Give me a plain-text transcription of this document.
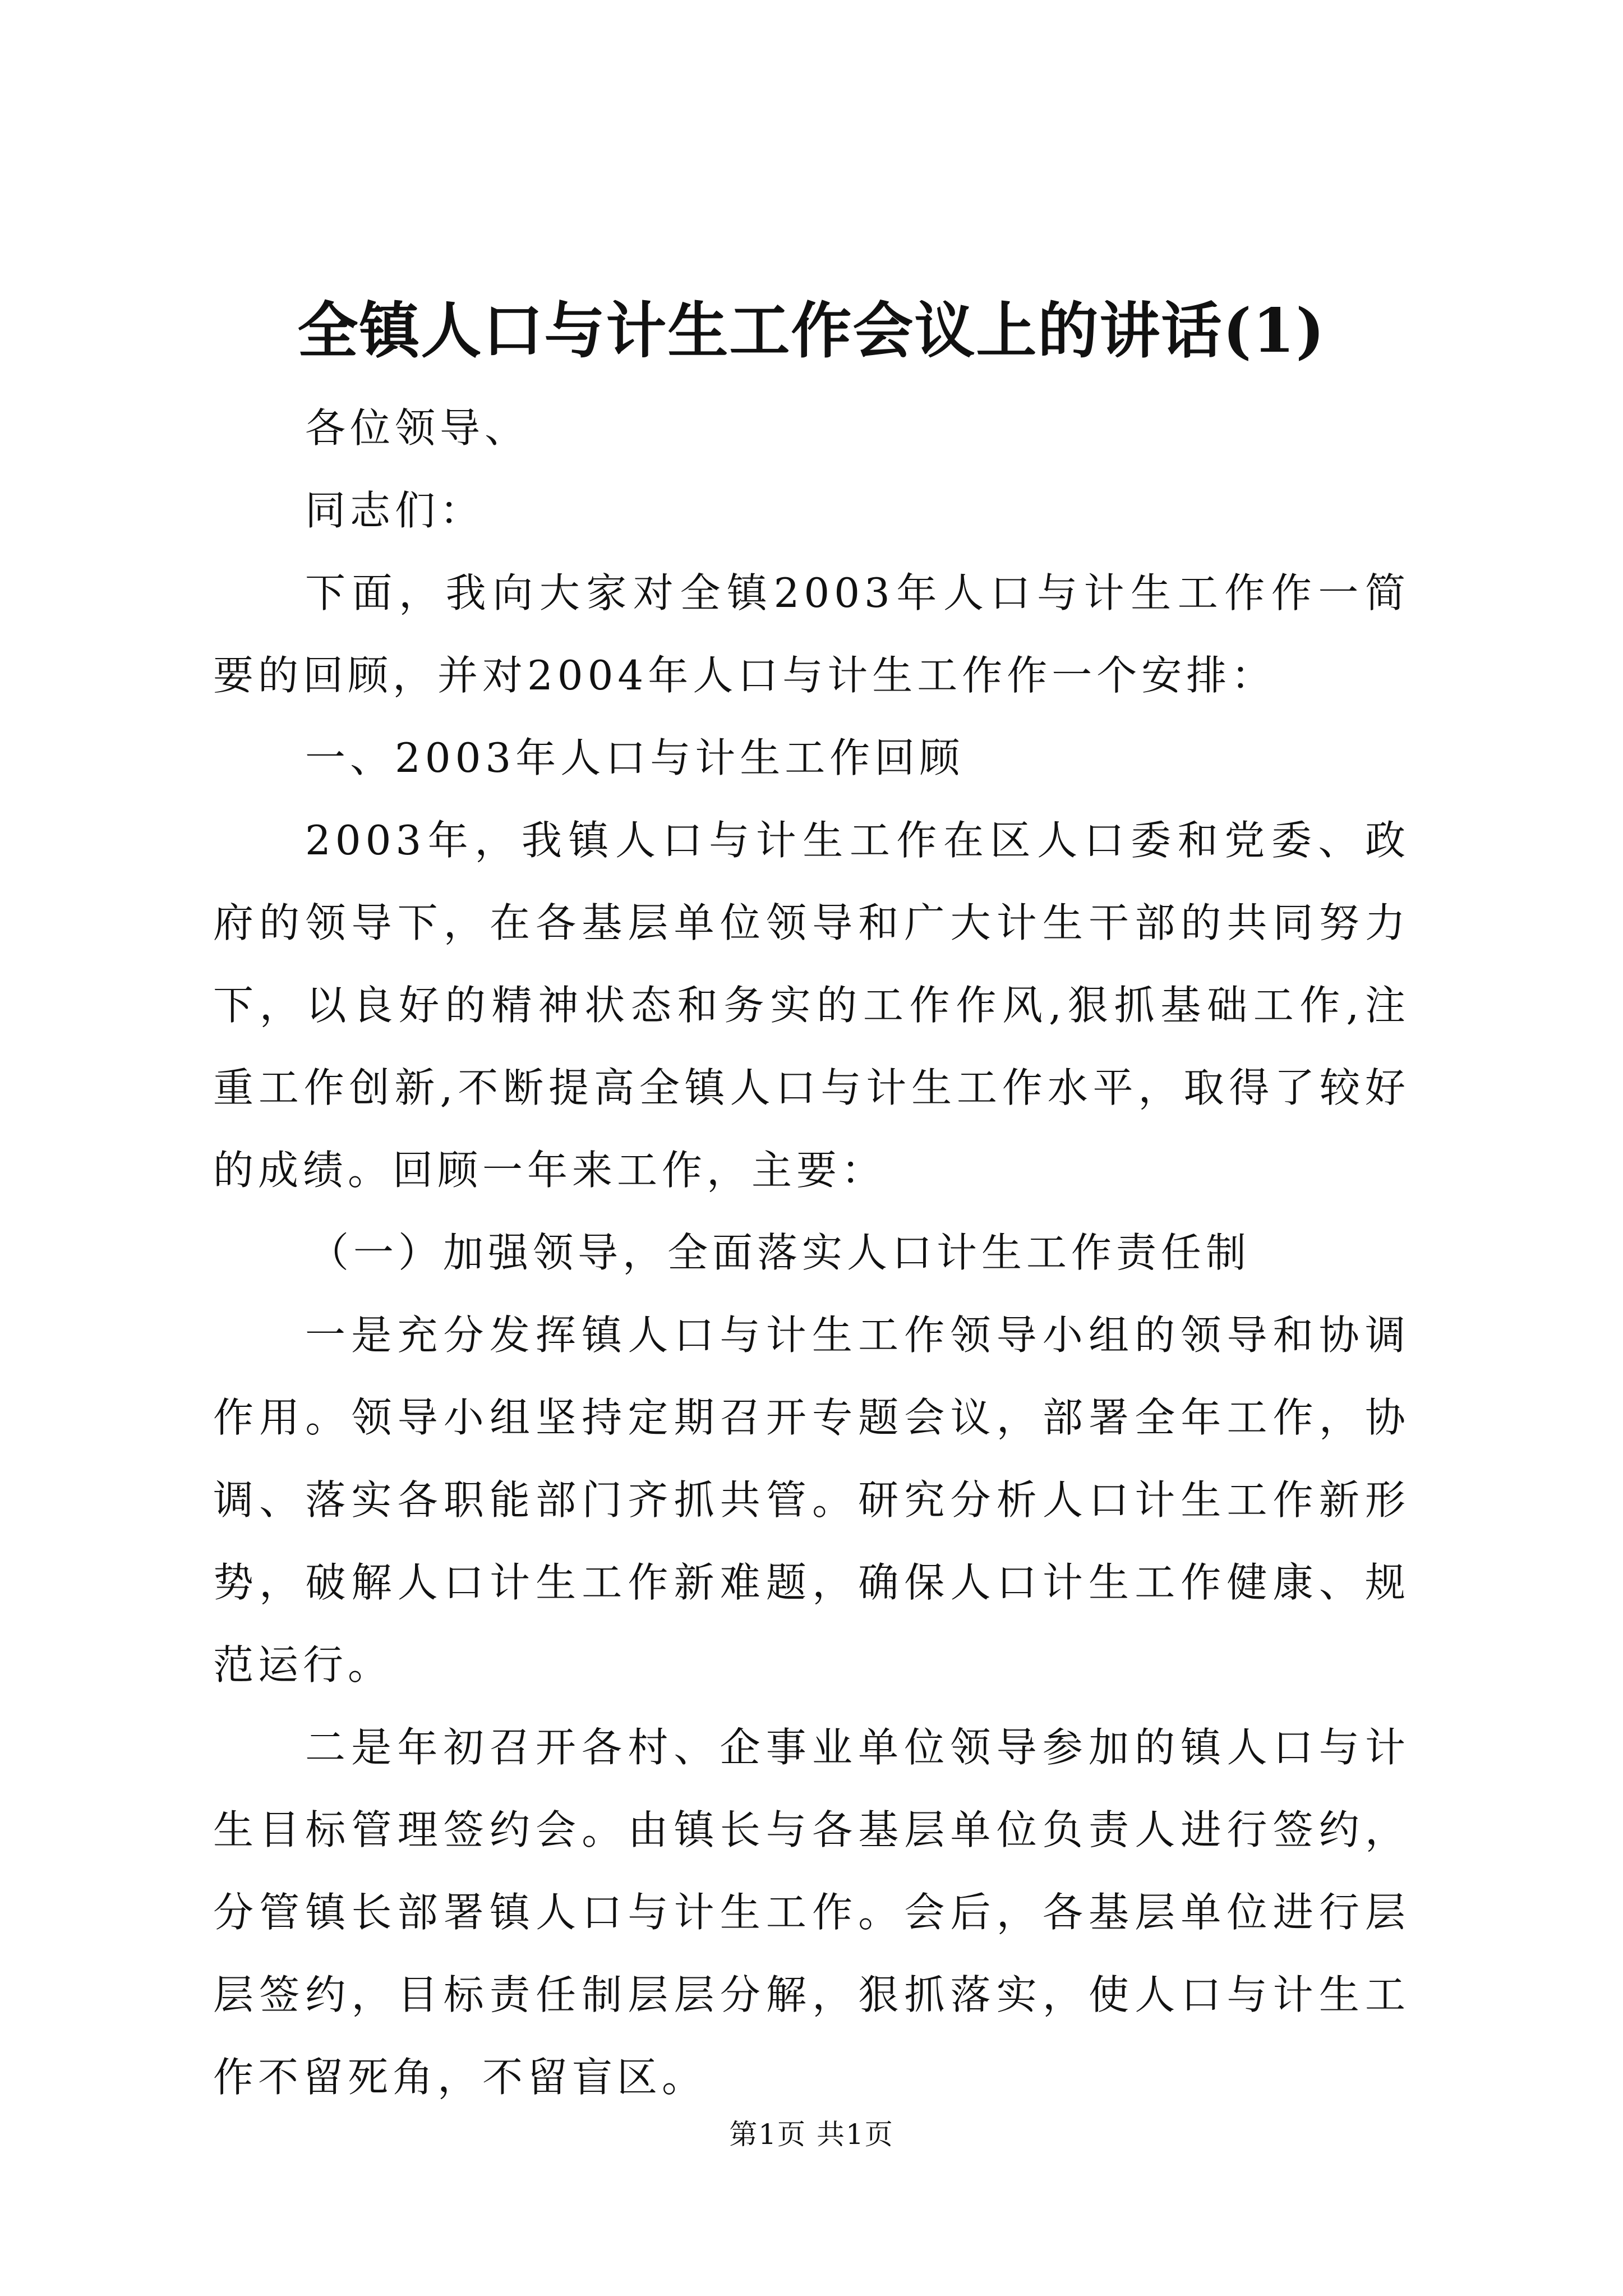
全镇人口与计生工作会议上的讲话(1)

各位领导、

同志们：

下面，我向大家对全镇2003年人口与计生工作作一简要的回顾，并对2004年人口与计生工作作一个安排：

一、2003年人口与计生工作回顾

2003年，我镇人口与计生工作在区人口委和党委、政府的领导下，在各基层单位领导和广大计生干部的共同努力下，以良好的精神状态和务实的工作作风,狠抓基础工作,注重工作创新,不断提高全镇人口与计生工作水平，取得了较好的成绩。回顾一年来工作，主要：

（一）加强领导，全面落实人口计生工作责任制

一是充分发挥镇人口与计生工作领导小组的领导和协调作用。领导小组坚持定期召开专题会议，部署全年工作，协调、落实各职能部门齐抓共管。研究分析人口计生工作新形势，破解人口计生工作新难题，确保人口计生工作健康、规范运行。

二是年初召开各村、企事业单位领导参加的镇人口与计生目标管理签约会。由镇长与各基层单位负责人进行签约，分管镇长部署镇人口与计生工作。会后，各基层单位进行层层签约，目标责任制层层分解，狠抓落实，使人口与计生工作不留死角，不留盲区。

第1页 共1页
